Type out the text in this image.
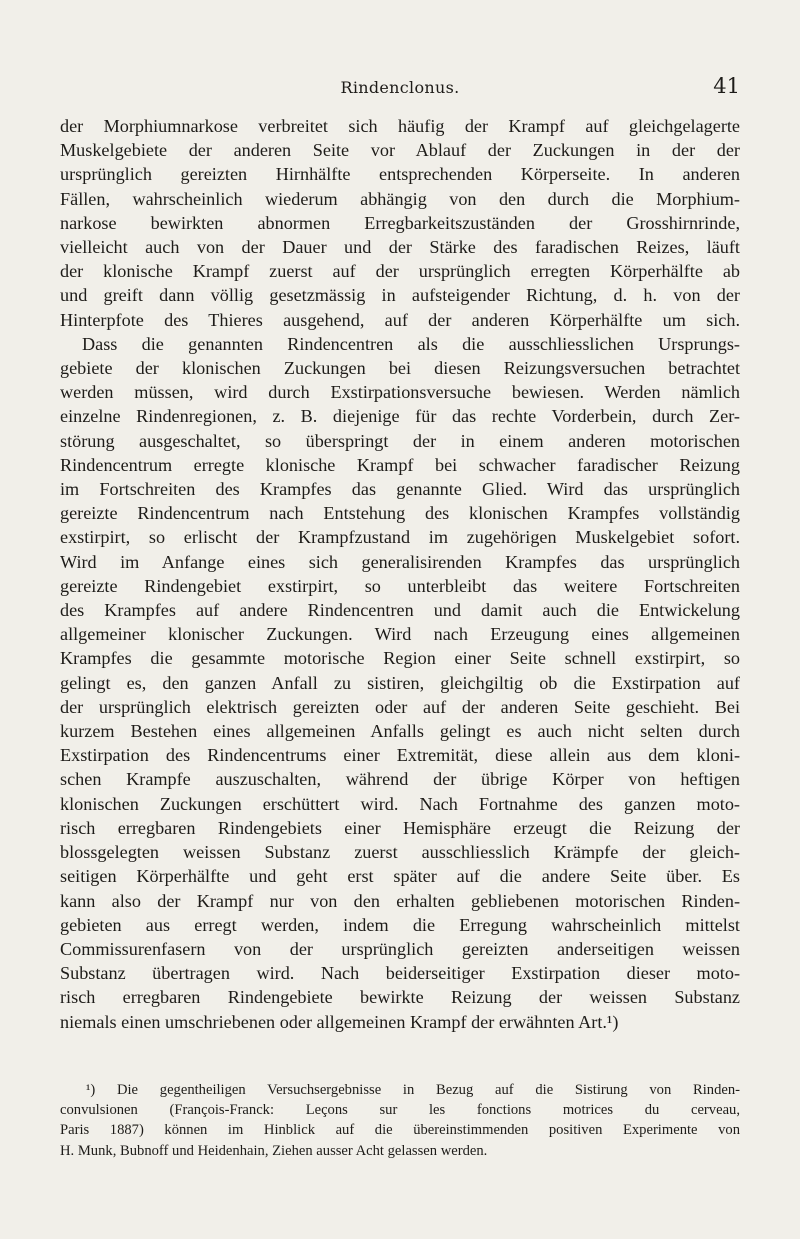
Rindenclonus.	41
der Morphiumnarkose verbreitet sich häufig der Krampf auf gleichgelagerte
Muskelgebiete der anderen Seite vor Ablauf der Zuckungen in der der
ursprünglich gereizten Hirnhälfte entsprechenden Körperseite. In anderen
Fällen, wahrscheinlich wiederum abhängig von den durch die Morphium-
narkose bewirkten abnormen Erregbarkeitszuständen der Grosshirnrinde,
vielleicht auch von der Dauer und der Stärke des faradischen Reizes, läuft
der klonische Krampf zuerst auf der ursprünglich erregten Körperhälfte ab
und greift dann völlig gesetzmässig in aufsteigender Richtung, d. h. von der
Hinterpfote des Thieres ausgehend, auf der anderen Körperhälfte um sich.
Dass die genannten Rindencentren als die ausschliesslichen Ursprungs-
gebiete der klonischen Zuckungen bei diesen Reizungsversuchen betrachtet
werden müssen, wird durch Exstirpationsversuche bewiesen. Werden nämlich
einzelne Rindenregionen, z. B. diejenige für das rechte Vorderbein, durch Zer-
störung ausgeschaltet, so überspringt der in einem anderen motorischen
Rindencentrum erregte klonische Krampf bei schwacher faradischer Reizung
im Fortschreiten des Krampfes das genannte Glied. Wird das ursprünglich
gereizte Rindencentrum nach Entstehung des klonischen Krampfes vollständig
exstirpirt, so erlischt der Krampfzustand im zugehörigen Muskelgebiet sofort.
Wird im Anfange eines sich generalisirenden Krampfes das ursprünglich
gereizte Rindengebiet exstirpirt, so unterbleibt das weitere Fortschreiten
des Krampfes auf andere Rindencentren und damit auch die Entwickelung
allgemeiner klonischer Zuckungen. Wird nach Erzeugung eines allgemeinen
Krampfes die gesammte motorische Region einer Seite schnell exstirpirt, so
gelingt es, den ganzen Anfall zu sistiren, gleichgiltig ob die Exstirpation auf
der ursprünglich elektrisch gereizten oder auf der anderen Seite geschieht. Bei
kurzem Bestehen eines allgemeinen Anfalls gelingt es auch nicht selten durch
Exstirpation des Rindencentrums einer Extremität, diese allein aus dem kloni-
schen Krampfe auszuschalten, während der übrige Körper von heftigen
klonischen Zuckungen erschüttert wird. Nach Fortnahme des ganzen moto-
risch erregbaren Rindengebiets einer Hemisphäre erzeugt die Reizung der
blossgelegten weissen Substanz zuerst ausschliesslich Krämpfe der gleich-
seitigen Körperhälfte und geht erst später auf die andere Seite über. Es
kann also der Krampf nur von den erhalten gebliebenen motorischen Rinden-
gebieten aus erregt werden, indem die Erregung wahrscheinlich mittelst
Commissurenfasern von der ursprünglich gereizten anderseitigen weissen
Substanz übertragen wird. Nach beiderseitiger Exstirpation dieser moto-
risch erregbaren Rindengebiete bewirkte Reizung der weissen Substanz
niemals einen umschriebenen oder allgemeinen Krampf der erwähnten Art.¹)
¹) Die gegentheiligen Versuchsergebnisse in Bezug auf die Sistirung von Rinden-
convulsionen (François-Franck: Leçons sur les fonctions motrices du cerveau,
Paris 1887) können im Hinblick auf die übereinstimmenden positiven Experimente von
H. Munk, Bubnoff und Heidenhain, Ziehen ausser Acht gelassen werden.
